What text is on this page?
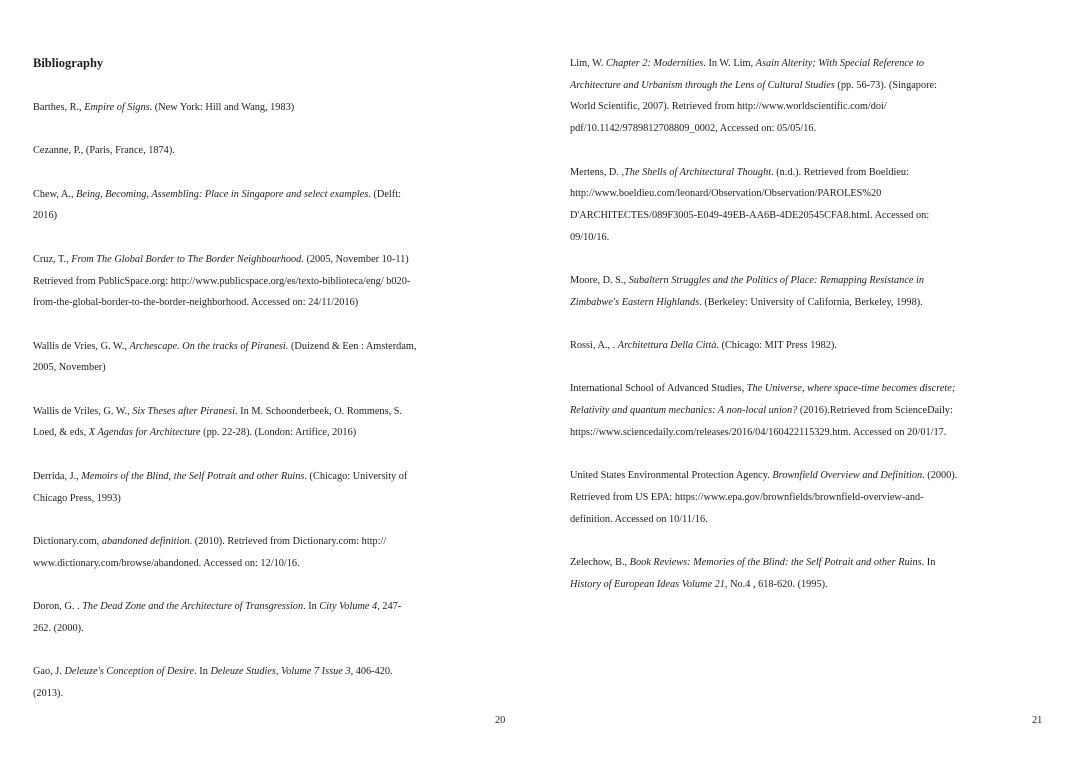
Bibliography

Barthes, R., Empire of Signs. (New York: Hill and Wang, 1983)

Cezanne, P., (Paris, France, 1874).

Chew, A., Being, Becoming, Assembling: Place in Singapore and select examples. (Delft: 2016)

Cruz, T., From The Global Border to The Border Neighbourhood. (2005, November 10-11) Retrieved from PublicSpace.org: http://www.publicspace.org/es/texto-biblioteca/eng/ b020-from-the-global-border-to-the-border-neighborhood. Accessed on: 24/11/2016)

Wallis de Vries, G. W., Archescape. On the tracks of Piranesi. (Duizend & Een : Amsterdam, 2005, November)

Wallis de Vriles, G. W., Six Theses after Piranesi. In M. Schoonderbeek, O. Rommens, S. Loed, & eds, X Agendas for Architecture (pp. 22-28). (London: Artifice, 2016)

Derrida, J., Memoirs of the Blind, the Self Potrait and other Ruins. (Chicago: University of Chicago Press, 1993)

Dictionary.com, abandoned definition. (2010). Retrieved from Dictionary.com: http:// www.dictionary.com/browse/abandoned. Accessed on: 12/10/16.

Doron, G. . The Dead Zone and the Architecture of Transgression. In City Volume 4, 247-262. (2000).

Gao, J. Deleuze's Conception of Desire. In Deleuze Studies, Volume 7 Issue 3, 406-420. (2013).

20

Lim, W. Chapter 2: Modernities. In W. Lim, Asain Alterity; With Special Reference to Architecture and Urbanism through the Lens of Cultural Studies (pp. 56-73). (Singapore: World Scientific, 2007). Retrieved from http://www.worldscientific.com/doi/ pdf/10.1142/9789812708809_0002, Accessed on: 05/05/16.

Mertens, D. ,The Shells of Architectural Thought. (n.d.). Retrieved from Boeldieu: http://www.boeldieu.com/leonard/Observation/Observation/PAROLES%20 D'ARCHITECTES/089F3005-E049-49EB-AA6B-4DE20545CFA8.html. Accessed on: 09/10/16.

Moore, D. S., Subaltern Struggles and the Politics of Place: Remapping Resistance in Zimbabwe's Eastern Highlands. (Berkeley: University of California, Berkeley, 1998).

Rossi, A., . Architettura Della Città. (Chicago: MIT Press 1982).

International School of Advanced Studies, The Universe, where space-time becomes discrete; Relativity and quantum mechanics: A non-local union? (2016).Retrieved from ScienceDaily: https://www.sciencedaily.com/releases/2016/04/160422115329.htm. Accessed on 20/01/17.

United States Environmental Protection Agency. Brownfield Overview and Definition. (2000). Retrieved from US EPA: https://www.epa.gov/brownfields/brownfield-overview-and-definition. Accessed on 10/11/16.

Zelechow, B., Book Reviews: Memories of the Blind: the Self Potrait and other Ruins. In History of European Ideas Volume 21, No.4 , 618-620. (1995).

21
